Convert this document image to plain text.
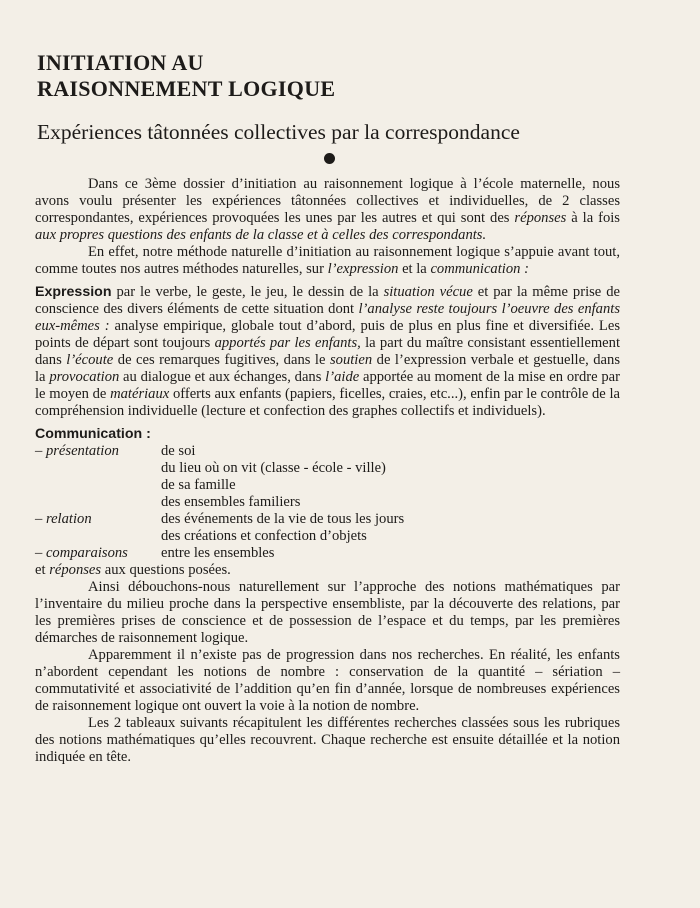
INITIATION AU
RAISONNEMENT LOGIQUE
Expériences tâtonnées collectives par la correspondance

Dans ce 3ème dossier d’initiation au raisonnement logique à l’école maternelle, nous avons voulu présenter les expériences tâtonnées collectives et individuelles, de 2 classes correspondantes, expériences provoquées les unes par les autres et qui sont des réponses à la fois aux propres questions des enfants de la classe et à celles des correspondants.

En effet, notre méthode naturelle d’initiation au raisonnement logique s’appuie avant tout, comme toutes nos autres méthodes naturelles, sur l’expression et la communication :

Expression par le verbe, le geste, le jeu, le dessin de la situation vécue et par la même prise de conscience des divers éléments de cette situation dont l’analyse reste toujours l’oeuvre des enfants eux-mêmes : analyse empirique, globale tout d’abord, puis de plus en plus fine et diversifiée. Les points de départ sont toujours apportés par les enfants, la part du maître consistant essentiellement dans l’écoute de ces remarques fugitives, dans le soutien de l’expression verbale et gestuelle, dans la provocation au dialogue et aux échanges, dans l’aide apportée au moment de la mise en ordre par le moyen de matériaux offerts aux enfants (papiers, ficelles, craies, etc...), enfin par le contrôle de la compréhension individuelle (lecture et confection des graphes collectifs et individuels).

Communication :

– présentation	de soi
du lieu où on vit (classe - école - ville)
de sa famille
des ensembles familiers
– relation	des événements de la vie de tous les jours
des créations et confection d’objets
– comparaisons	entre les ensembles

et réponses aux questions posées.

Ainsi débouchons-nous naturellement sur l’approche des notions mathématiques par l’inventaire du milieu proche dans la perspective ensembliste, par la découverte des relations, par les premières prises de conscience et de possession de l’espace et du temps, par les premières démarches de raisonnement logique.

Apparemment il n’existe pas de progression dans nos recherches. En réalité, les enfants n’abordent cependant les notions de nombre : conservation de la quantité – sériation – commutativité et associativité de l’addition qu’en fin d’année, lorsque de nombreuses expériences de raisonnement logique ont ouvert la voie à la notion de nombre.

Les 2 tableaux suivants récapitulent les différentes recherches classées sous les rubriques des notions mathématiques qu’elles recouvrent. Chaque recherche est ensuite détaillée et la notion indiquée en tête.
